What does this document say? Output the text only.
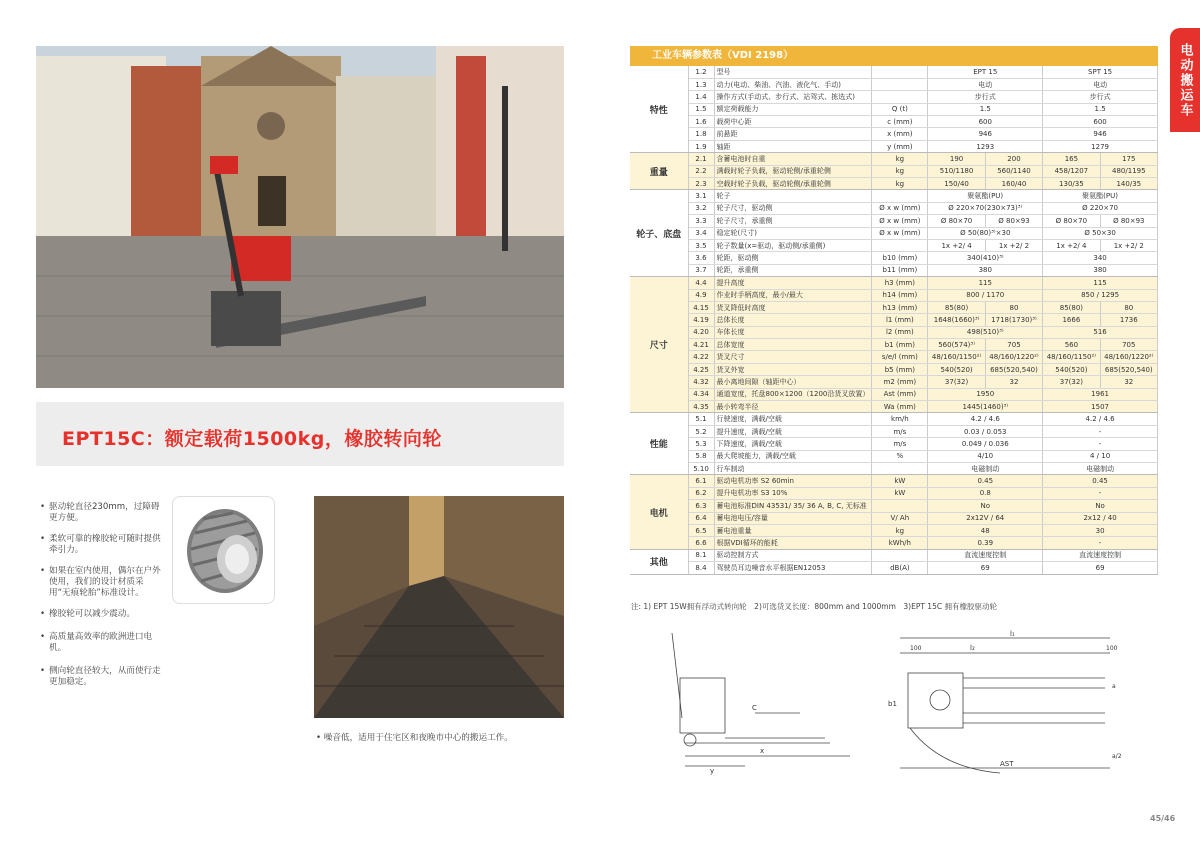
EPT15C：额定载荷1500kg，橡胶转向轮
• 驱动轮直径230mm，过障碍更方便。
• 柔软可靠的橡胶轮可随时提供牵引力。
• 如果在室内使用，偶尔在户外使用，我们的设计材质采用“无痕轮胎”标准设计。
• 橡胶轮可以减少震动。
• 高质量高效率的欧洲进口电机。
• 侧向轮直径较大，从而使行走更加稳定。
• 噪音低，适用于住宅区和夜晚市中心的搬运工作。
电动搬运车
工业车辆参数表（VDI 2198）
特性	1.2	型号		EPT 15		SPT 15	
	1.3	动力(电动、柴油、汽油、液化气、手动)		电动		电动	
	1.4	操作方式(手动式、步行式、站驾式、拣选式)		步行式		步行式	
	1.5	额定荷载能力	Q (t)	1.5		1.5	
	1.6	载荷中心距	c (mm)	600		600	
	1.8	前悬距	x (mm)	946		946	
	1.9	轴距	y (mm)	1293		1279	
重量	2.1	含蓄电池时自重	kg	190	200	165	175
	2.2	满载时轮子负载，驱动轮侧/承重轮侧	kg	510/1180	560/1140	458/1207	480/1195
	2.3	空载时轮子负载，驱动轮侧/承重轮侧	kg	150/40	160/40	130/35	140/35
轮子、底盘	3.1	轮子		聚氨酯(PU)		聚氨酯(PU)	
	3.2	轮子尺寸，驱动侧	Ø x w (mm)	Ø 220×70(230×73)³⁾		Ø 220×70	
	3.3	轮子尺寸，承重侧	Ø x w (mm)	Ø 80×70	Ø 80×93	Ø 80×70	Ø 80×93
	3.4	稳定轮(尺寸)	Ø x w (mm)	Ø 50(80)³⁾×30		Ø 50×30	
	3.5	轮子数量(x=驱动，驱动侧/承重侧)		1x +2/ 4	1x +2/ 2	1x +2/ 4	1x +2/ 2
	3.6	轮距，驱动侧	b10 (mm)	340(410)³⁾		340	
	3.7	轮距，承重侧	b11 (mm)	380		380	
尺寸	4.4	提升高度	h3 (mm)	115		115	
	4.9	作业时手柄高度，最小/最大	h14 (mm)	800 / 1170		850 / 1295	
	4.15	货叉降低时高度	h13 (mm)	85(80)	80	85(80)	80
	4.19	总体长度	l1 (mm)	1648(1660)³⁾	1718(1730)³⁾	1666	1736
	4.20	车体长度	l2 (mm)	498(510)³⁾		516	
	4.21	总体宽度	b1 (mm)	560(574)³⁾	705	560	705
	4.22	货叉尺寸	s/e/l (mm)	48/160/1150²⁾	48/160/1220²⁾	48/160/1150²⁾	48/160/1220²⁾
	4.25	货叉外宽	b5 (mm)	540(520)	685(520,540)	540(520)	685(520,540)
	4.32	最小离地间隙（轴距中心）	m2 (mm)	37(32)	32	37(32)	32
	4.34	通道宽度，托盘800×1200（1200沿货叉放置）	Ast (mm)	1950		1961	
	4.35	最小转弯半径	Wa (mm)	1445(1460)³⁾		1507	
性能	5.1	行驶速度，满载/空载	km/h	4.2 / 4.6		4.2 / 4.6	
	5.2	提升速度，满载/空载	m/s	0.03 / 0.053		-	
	5.3	下降速度，满载/空载	m/s	0.049 / 0.036		-	
	5.8	最大爬坡能力，满载/空载	%	4/10		4 / 10	
	5.10	行车制动		电磁制动		电磁制动	
电机	6.1	驱动电机功率 S2 60min	kW	0.45		0.45	
	6.2	提升电机功率 S3 10%	kW	0.8		-	
	6.3	蓄电池标准DIN 43531/ 35/ 36 A, B, C, 无标准		No		No	
	6.4	蓄电池电压/容量	V/ Ah	2x12V / 64		2x12 / 40	
	6.5	蓄电池重量	kg	48		30	
	6.6	根据VDI循环的能耗	kWh/h	0.39		-	
其他	8.1	驱动控制方式		直流速度控制		直流速度控制	
	8.4	驾驶员耳边噪音水平根据EN12053	dB(A)	69		69	
注: 1) EPT 15W拥有浮动式转向轮　2)可选货叉长度：800mm and 1000mm　3)EPT 15C 拥有橡胶驱动轮
C
x
y
l₁
l₂
b1
AST
100	100
a
a/2
45/46
